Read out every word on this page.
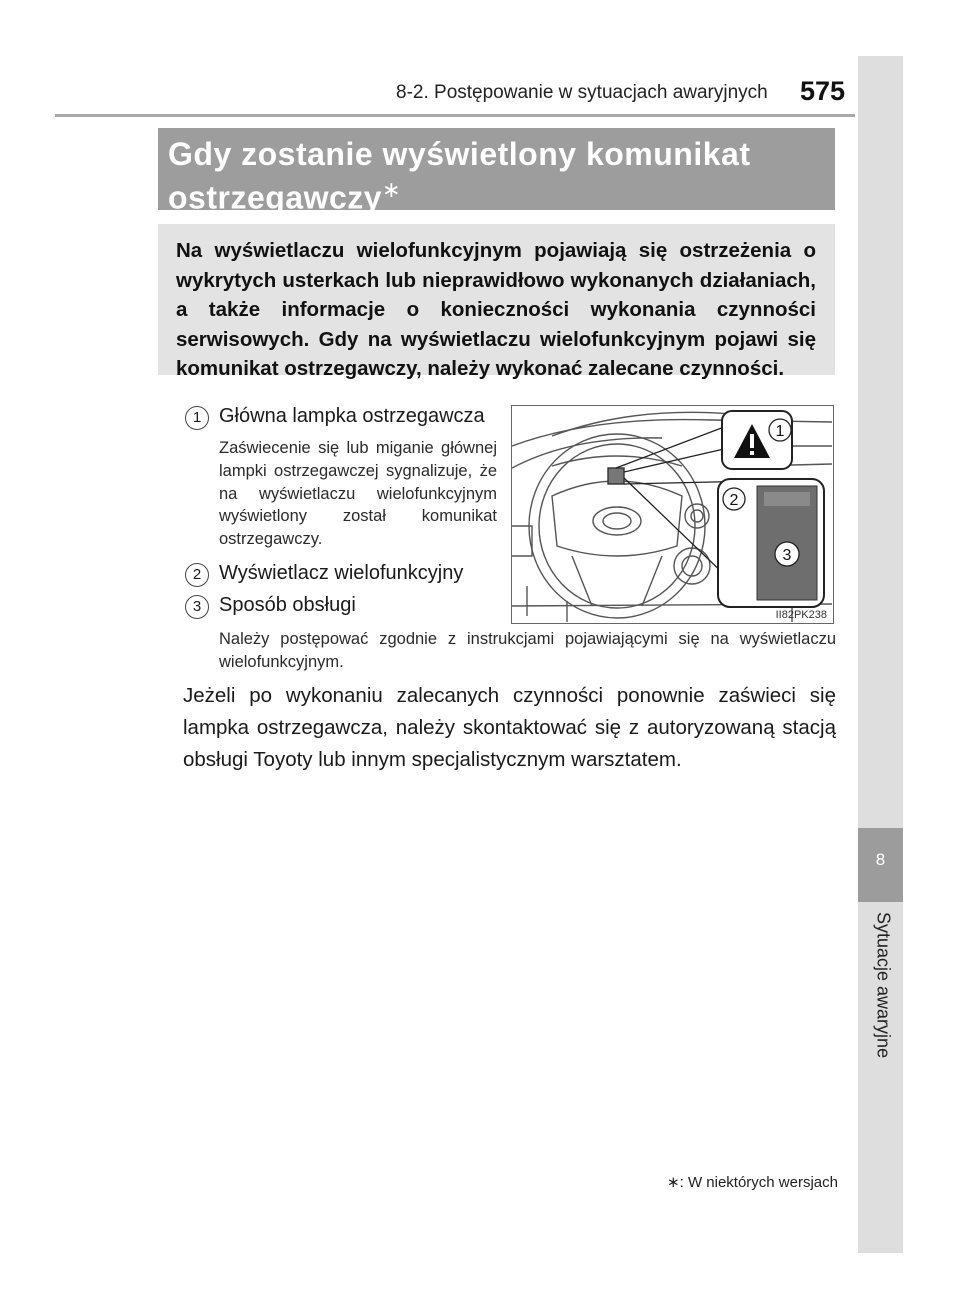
8-2. Postępowanie w sytuacjach awaryjnych 575
8
Sytuacje awaryjne
Gdy zostanie wyświetlony komunikat ostrzegawczy∗
Na wyświetlaczu wielofunkcyjnym pojawiają się ostrzeżenia o wykrytych usterkach lub nieprawidłowo wykonanych działaniach, a także informacje o konieczności wykonania czynności serwisowych. Gdy na wyświetlaczu wielofunkcyjnym pojawi się komunikat ostrzegawczy, należy wykonać zalecane czynności.
1 Główna lampka ostrzegawcza
Zaświecenie się lub miganie głównej lampki ostrzegawczej sygnalizuje, że na wyświetlaczu wielofunkcyjnym wyświetlony został komunikat ostrzegawczy.
2 Wyświetlacz wielofunkcyjny
3 Sposób obsługi
Należy postępować zgodnie z instrukcjami pojawiającymi się na wyświetlaczu wielofunkcyjnym.
1
2
3
II82PK238
Jeżeli po wykonaniu zalecanych czynności ponownie zaświeci się lampka ostrzegawcza, należy skontaktować się z autoryzowaną stacją obsługi Toyoty lub innym specjalistycznym warsztatem.
∗: W niektórych wersjach
